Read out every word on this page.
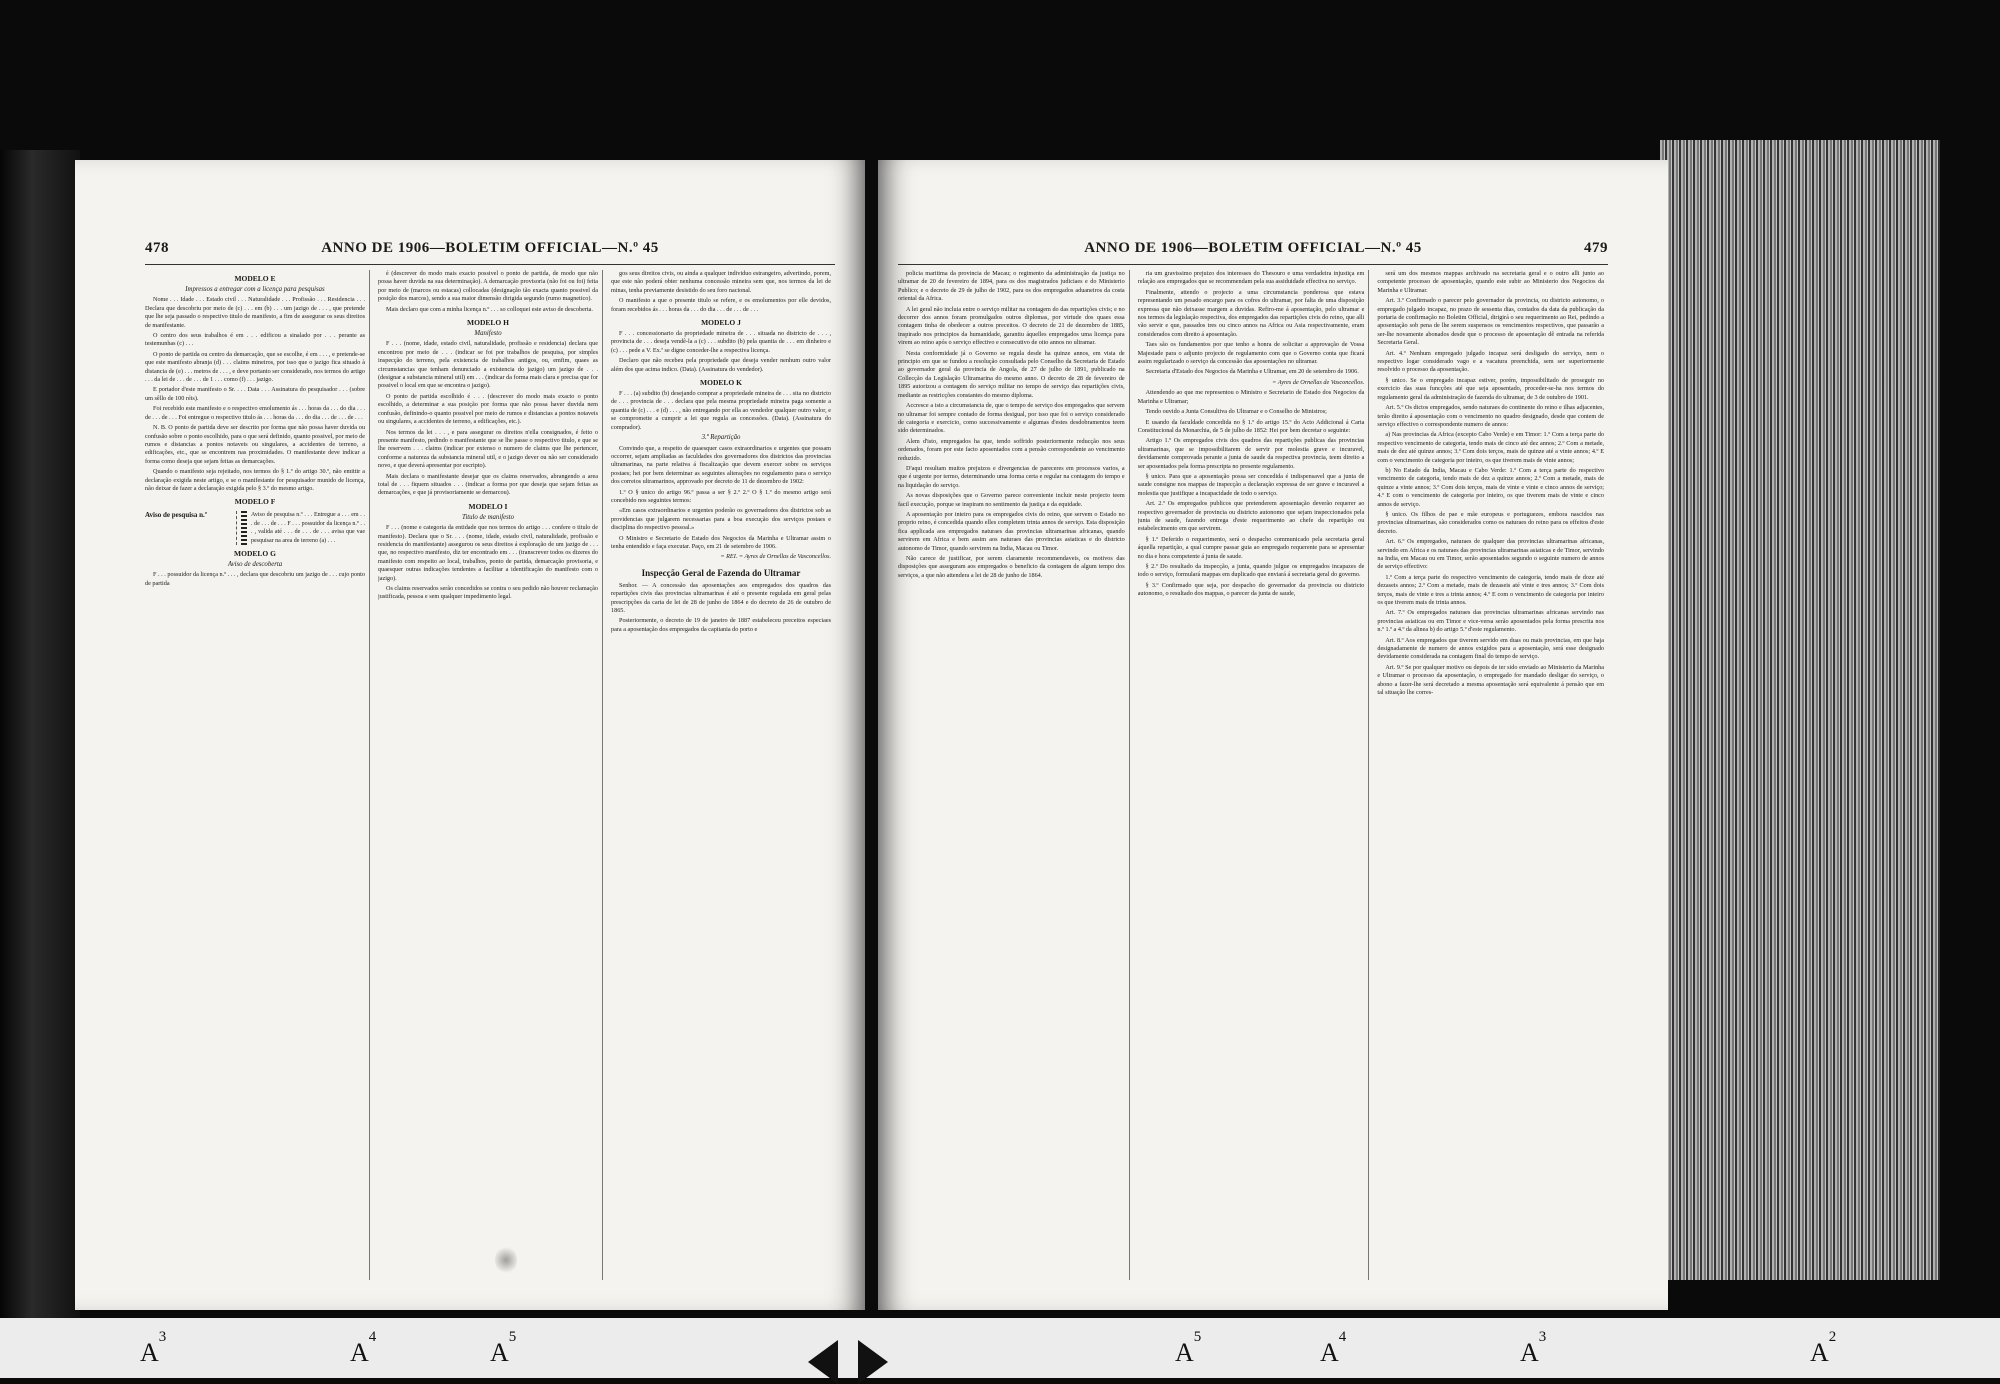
478	ANNO DE 1906—BOLETIM OFFICIAL—N.º 45

MODELO E

Impressos a entregar com a licença para pesquisas

Nome . . . Idade . . . Estado civil . . . Naturalidade . . . Profissão . . . Residencia . . . Declara que descobriu por meio de (c) . . . em (b) . . . um jazigo de . . . , que pretende que lhe seja passado o respectivo titulo de manifesto, a fim de assegurar os seus direitos de manifestante.

O centro dos seus trabalhos é em . . . edificou a sinalado por . . . perante as testemunhas (c) . . .

O ponto de partida ou centro da demarcação, que se escolhe, é em . . . , e pretende-se que este manifesto abranja (d) . . . claims mineiros, por isso que o jazigo fica situado à distancia de (e) . . . metros de . . . , e deve portanto ser considerado, nos termos do artigo . . . da lei de . . . de . . . de 1 . . . como (f) . . . jazigo.

E portador d'este manifesto o Sr. . . . Data . . . Assinatura do pesquisador . . . (sobre um sêllo de 100 réis).

Foi recebido este manifesto e o respectivo emolumento ás . . . horas da . . . do dia . . . de . . . de . . . Foi entregue o respectivo titulo ás . . . horas da . . . do dia . . . de . . . de . . .

N. B. O ponto de partida deve ser descrito por forma que não possa haver duvida ou confusão sobre o ponto escolhido, para o que será definido, quanto possivel, por meio de rumos e distancias a pontos notaveis ou singulares, a accidentes de terreno, a edificações, etc., que se encontrem nas proximidades. O manifestante deve indicar a forma como deseja que sejam feitas as demarcações.

Quando o manifesto seja rejeitado, nos termos do § 1.º do artigo 30.º, não emittir a declaração exigida neste artigo, e se o manifestante for pesquisador munido de licença, não deixar de fazer a declaração exigida pelo § 3.º do mesmo artigo.

MODELO F

Aviso de pesquisa n.º	Aviso de pesquisa n.º . . . Entregue a . . . em . . . de . . . de . . . F . . . possuidor da licença n.º . . . , valida até . . . de . . . de . . . avisa que vae pesquisar na area de terreno (a) . . .

MODELO G

Aviso de descoberta

F . . . possuidor da licença n.º . . . , declara que descobriu um jazigo de . . . cujo ponto de partida

é (descrever do modo mais exacto possivel o ponto de partida, de modo que não possa haver duvida na sua determinação). A demarcação provisoria (não foi ou foi) feita por meio de (marcos ou estacas) collocadas (designação tão exacta quanto possivel da posição dos marcos), sendo a sua maior dimensão dirigida segundo (rumo magnetico).

Mais declaro que com a minha licença n.º . . . so colloquei este aviso de descoberta.

MODELO H

Manifesto

F . . . (nome, idade, estado civil, naturalidade, profissão e residencia) declara que encontrou por meio de . . . (indicar se foi por trabalhos de pesquisa, por simples inspecção do terreno, pela existencia de trabalhos antigos, ou, emfim, quaes as circumstancias que tenham denunciado a existencia do jazigo) um jazigo de . . . (designar a substancia mineral util) em . . . (indicar da forma mais clara e precisa que for possivel o local em que se encontra o jazigo).

O ponto de partida escolhido é . . . (descrever do modo mais exacto o ponto escolhido, a determinar a sua posição por forma que não possa haver duvida nem confusão, definindo-o quanto possivel por meio de rumos e distancias a pontos notaveis ou singulares, a accidentes de terreno, a edificações, etc.).

Nos termos da lei . . . , e para assegurar os direitos n'ella consignados, é feito o presente manifesto, pedindo o manifestante que se lhe passe o respectivo titulo, e que se lhe reservem . . . claims (indicar por extenso o numero de claims que lhe pertencer, conforme a natureza da substancia mineral util, e o jazigo dever ou não ser considerado novo, e que deverá apresentar por escripto).

Mais declara o manifestante desejar que os claims reservados, abrangendo a area total de . . . fiquem situados . . . (indicar a forma por que deseja que sejam feitas as demarcações, e que já provisoriamente se demarcou).

MODELO I

Titulo de manifesto

F . . . (nome e categoria da entidade que nos termos do artigo . . . confere o titulo de manifesto). Declara que o Sr. . . . (nome, idade, estado civil, naturalidade, profissão e residencia do manifestante) assegurou os seus direitos á exploração de um jazigo de . . . que, no respectivo manifesto, diz ter encontrado em . . . (transcrever todos os dizeres do manifesto com respeito ao local, trabalhos, ponto de partida, demarcação provisoria, e quaesquer outras indicações tendentes a facilitar a identificação do manifesto com o jazigo).

Os claims reservados serão concedidos se contra o seu pedido não houver reclamação justificada, pessoa e sem qualquer impedimento legal.

gos seus direitos civis, ou ainda a qualquer individuo estrangeiro, advertindo, porem, que este não poderá obter nenhuma concessão mineira sem que, nos termos da lei de minas, tenha previamente desistido do seu foro nacional.

O manifesto a que o presente titulo se refere, e os emolumentos por elle devidos, foram recebidos ás . . . horas da . . . do dia . . . de . . . de . . .

MODELO J

F . . . concessionario da propriedade mineira de . . . situada no districto de . . . , provincia de . . . deseja vendê-la a (c) . . . subdito (b) pela quantia de . . . em dinheiro e (c) . . . pede a V. Ex.ª se digne conceder-lhe a respectiva licença.

Declaro que não recebeu pela propriedade que deseja vender nenhum outro valor além dos que acima indico. (Data). (Assinatura do vendedor).

MODELO K

F . . . (a) subdito (b) desejando comprar a propriedade mineira de . . . sita no districto de . . . provincia de . . . declara que pela mesma propriedade mineira paga somente a quantia de (c) . . . e (d) . . . , não entregando por ella ao vendedor qualquer outro valor, e se compromette a cumprir a lei que regula as concessões. (Data). (Assinatura do comprador).

3.ª Repartição

Convindo que, a respeito de quaesquer casos extraordinarios e urgentes que possam occorrer, sejam ampliadas as faculdades dos governadores dos districtos das provincias ultramarinas, na parte relativa á fiscalização que devem exercer sobre os serviços postaes; hei por bem determinar as seguintes alterações no regulamento para o serviço dos correios ultramarinos, approvado por decreto de 11 de dezembro de 1902:

1.º O § unico do artigo 96.º passa a ser § 2.º 2.º O § 1.º do mesmo artigo será concebido nos seguintes termos:

«Em casos extraordinarios e urgentes poderão os governadores dos districtos sob as providencias que julgarem necessarias para a boa execução dos serviços postaes e disciplina do respectivo pessoal.»

O Ministro e Secretario de Estado dos Negocios da Marinha e Ultramar assim o tenha entendido e faça executar. Paço, em 21 de setembro de 1906.

= REI. = Ayres de Ornellas de Vasconcellos.

Inspecção Geral de Fazenda do Ultramar

Senhor. — A concessão das aposentações aos empregados dos quadros das repartições civis das provincias ultramarinas é até o presente regulada em geral pelas prescripções da carta de lei de 28 de junho de 1864 e do decreto de 26 de outubro de 1865.

Posteriormente, o decreto de 19 de janeiro de 1887 estabeleceu preceitos especiaes para a aposentação dos empregados da capitania do porto e

ANNO DE 1906—BOLETIM OFFICIAL—N.º 45	479

policia maritima da provincia de Macau; o regimento da administração da justiça no ultramar de 20 de fevereiro de 1894, para os dos magistrados judiciaes e do Ministerio Publico; e o decreto de 29 de julho de 1902, para os dos empregados aduaneiros da costa oriental da Africa.

A lei geral não incluia entre o serviço militar na contagem do das repartições civis; e no decorrer dos annos foram promulgados outros diplomas, por virtude dos quaes essa contagem tinha de obedecer a outros preceitos. O decreto de 21 de dezembro de 1885, inspirado nos principios da humanidade, garantiu áquelles empregados uma licença para virem ao reino após o serviço effectivo e consecutivo de oito annos no ultramar.

Nesta conformidade já o Governo se regula desde ha quinze annos, em vista de principio em que se fundou a resolução consultada pelo Conselho da Secretaria de Estado ao governador geral da provincia de Angola, de 27 de julho de 1891, publicado na Collecção da Legislação Ultramarina do mesmo anno. O decreto de 28 de fevereiro de 1895 autorizou a contagem do serviço militar no tempo de serviço das repartições civis, mediante as restricções constantes do mesmo diploma.

Accresce a isto a circumstancia de, que o tempo de serviço dos empregados que servem no ultramar foi sempre contado de forma desigual, por isso que foi o serviço considerado de categoria e exercicio, como successivamente e algumas d'estes desdobramentos teem sido determinados.

Alem d'isto, empregados ha que, tendo soffrido posteriormente reducção nos seus ordenados, foram por este facto aposentados com a pensão correspondente ao vencimento reduzido.

D'aqui resultam muitos prejuizos e divergencias de pareceres em processos varios, a que é urgente por termo, determinando uma forma certa e regular na contagem do tempo e na liquidação do serviço.

As novas disposições que o Governo parece conveniente incluir neste projecto teem facil execução, porque se inspiram no sentimento da justiça e da equidade.

A aposentação por inteiro para os empregados civis do reino, que servem o Estado no proprio reino, é concedida quando elles completem trinta annos de serviço. Esta disposição fica applicada aos empregados naturaes das provincias ultramarinas africanas, quando servirem em Africa e bem assim aos naturaes das provincias asiaticas e do districto autonomo de Timor, quando servirem na India, Macau ou Timor.

Não carece de justificar, por serem claramente recommendaveis, os motivos das disposições que asseguram aos empregados o beneficio da contagem de algum tempo dos serviços, a que não attendera a lei de 28 de junho de 1864.

ria um gravissimo prejuizo dos interesses do Thesouro e uma verdadeira injustiça em relação aos empregados que se recommendam pela sua assiduidade effectiva no serviço.

Finalmente, attendo o projecto a uma circumstancia ponderosa que estava representando um pesado encargo para os cofres do ultramar, por falta de uma disposição expressa que não deixasse margem a duvidas. Refiro-me á aposentação, pelo ultramar e nos termos da legislação respectiva, dos empregados das repartições civis do reino, que alli vão servir e que, passados tres ou cinco annos na Africa ou Asia respectivamente, eram considerados com direito á aposentação.

Taes são os fundamentos por que tenho a honra de solicitar a approvação de Vossa Majestade para o adjunto projecto de regulamento com que o Governo conta que ficará assim regularizado o serviço da concessão das aposentações no ultramar.

Secretaria d'Estado dos Negocios da Marinha e Ultramar, em 20 de setembro de 1906.

= Ayres de Ornellas de Vasconcellos.

Attendendo ao que me representou o Ministro e Secretario de Estado dos Negocios da Marinha e Ultramar;

Tendo ouvido a Junta Consultiva do Ultramar e o Conselho de Ministros;

E usando da faculdade concedida no § 1.º do artigo 15.º do Acto Addicional á Carta Constitucional da Monarchia, de 5 de julho de 1852: Hei por bem decretar o seguinte:

Artigo 1.º Os empregados civis dos quadros das repartições publicas das provincias ultramarinas, que se impossibilitarem de servir por molestia grave e incuravel, devidamente comprovada perante a junta de saude da respectiva provincia, teem direito a ser aposentados pela forma prescripta no presente regulamento.

§ unico. Para que a aposentação possa ser concedida é indispensavel que a junta de saude consigne nos mappas de inspecção a declaração expressa de ser grave e incuravel a molestia que justifique a incapacidade de todo o serviço.

Art. 2.º Os empregados publicos que pretenderem aposentação deverão requerer ao respectivo governador de provincia ou districto autonomo que sejam inspeccionados pela junta de saude, fazendo entrega d'este requerimento ao chefe da repartição ou estabelecimento em que servirem.

§ 1.º Deferido o requerimento, será o despacho communicado pela secretaria geral áquella repartição, a qual cumpre passar guia ao empregado requerente para se apresentar no dia e hora competente á junta de saude.

§ 2.º Do resultado da inspecção, a junta, quando julgue os empregados incapazes de todo o serviço, formulará mappas em duplicado que enviará á secretaria geral do governo.

§ 3.º Confirmado que seja, por despacho do governador da provincia ou districto autonomo, o resultado dos mappas, o parecer da junta de saude,

será um dos mesmos mappas archivado na secretaria geral e o outro alli junto ao competente processo de aposentação, quando este subir ao Ministerio dos Negocios da Marinha e Ultramar.

Art. 3.º Confirmado o parecer pelo governador da provincia, ou districto autonomo, o empregado julgado incapaz, no prazo de sessenta dias, contados da data da publicação da portaria de confirmação no Boletim Official, dirigirá o seu requerimento ao Rei, pedindo a aposentação sob pena de lhe serem suspensos os vencimentos respectivos, que passarão a ser-lhe novamente abonados desde que o processo de aposentação dê entrada na referida Secretaria Geral.

Art. 4.º Nenhum empregado julgado incapaz será desligado do serviço, nem o respectivo logar considerado vago e a vacatura preenchida, sem ser superiormente resolvido o processo da aposentação.

§ unico. Se o empregado incapaz estiver, porém, impossibilitado de proseguir no exercicio das suas funcções até que seja aposentado, proceder-se-ha nos termos do regulamento geral da administração de fazenda do ultramar, de 3 de outubro de 1901.

Art. 5.º Os dictos empregados, sendo naturaes do continente do reino e ilhas adjacentes, terão direito á aposentação com o vencimento no quadro designado, desde que contem de serviço effectivo o correspondente numero de annos:

a) Nas provincias da Africa (excepto Cabo Verde) e em Timor: 1.º Com a terça parte do respectivo vencimento de categoria, tendo mais de cinco até dez annos; 2.º Com a metade, mais de dez até quinze annos; 3.º Com dois terços, mais de quinze até a vinte annos; 4.º E com o vencimento de categoria por inteiro, os que tiverem mais de vinte annos;

b) No Estado da India, Macau e Cabo Verde: 1.º Com a terça parte do respectivo vencimento de categoria, tendo mais de dez a quinze annos; 2.º Com a metade, mais de quinze a vinte annos; 3.º Com dois terços, mais de vinte e vinte e cinco annos de serviço; 4.º E com o vencimento de categoria por inteiro, os que tiverem mais de vinte e cinco annos de serviço.

§ unico. Os filhos de pae e mãe europeus e portuguezes, embora nascidos nas provincias ultramarinas, são considerados como os naturaes do reino para os effeitos d'este decreto.

Art. 6.º Os empregados, naturaes de qualquer das provincias ultramarinas africanas, servindo em Africa e os naturaes das provincias ultramarinas asiaticas e de Timor, servindo na India, em Macau ou em Timor, serão aposentados segundo o seguinte numero de annos de serviço effectivo:

1.º Com a terça parte do respectivo vencimento de categoria, tendo mais de doze até dezaseis annos; 2.º Com a metade, mais de dezaseis até vinte e tres annos; 3.º Com dois terços, mais de vinte e tres a trinta annos; 4.º E com o vencimento de categoria por inteiro os que tiverem mais de trinta annos.

Art. 7.º Os empregados naturaes das provincias ultramarinas africanas servindo nas provincias asiaticas ou em Timor e vice-versa serão aposentados pela forma prescrita nos n.º 1.º a 4.º da alinea b) do artigo 5.º d'este regulamento.

Art. 8.º Aos empregados que tiverem servido em duas ou mais provincias, em que haja designadamente de numero de annos exigidos para a aposentação, será esse designado devidamente considerada na contagem final do tempo de serviço.

Art. 9.º Se por qualquer motivo ou depois de ter sido enviado ao Ministerio da Marinha e Ultramar o processo da aposentação, o empregado for mandado desligar do serviço, o abono a fazer-lhe será decretado a mesma aposentação será equivalente á pensão que em tal situação lhe corres-

$A^3$
$A^4$
$A^5$
$A^5$
$A^4$
$A^3$
$A^2$
